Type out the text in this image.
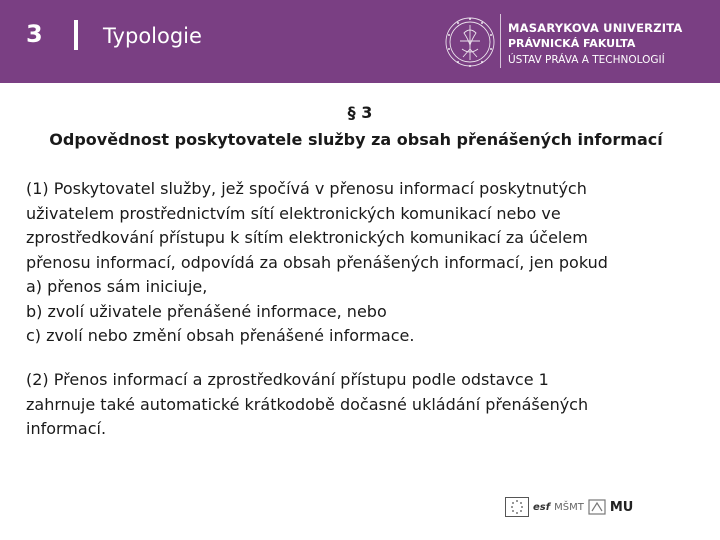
3	Typologie	MASARYKOVA UNIVERZITA
PRÁVNICKÁ FAKULTA
ÚSTAV PRÁVA A TECHNOLOGIÍ
§ 3
Odpovědnost poskytovatele služby za obsah přenášených informací
(1) Poskytovatel služby, jež spočívá v přenosu informací poskytnutých
uživatelem prostřednictvím sítí elektronických komunikací nebo ve
zprostředkování přístupu k sítím elektronických komunikací za účelem
přenosu informací, odpovídá za obsah přenášených informací, jen pokud
a) přenos sám iniciuje,
b) zvolí uživatele přenášené informace, nebo
c) zvolí nebo změní obsah přenášené informace.
(2) Přenos informací a zprostředkování přístupu podle odstavce 1
zahrnuje také automatické krátkodobě dočasné ukládání přenášených
informací.
esf MŠMT MU
